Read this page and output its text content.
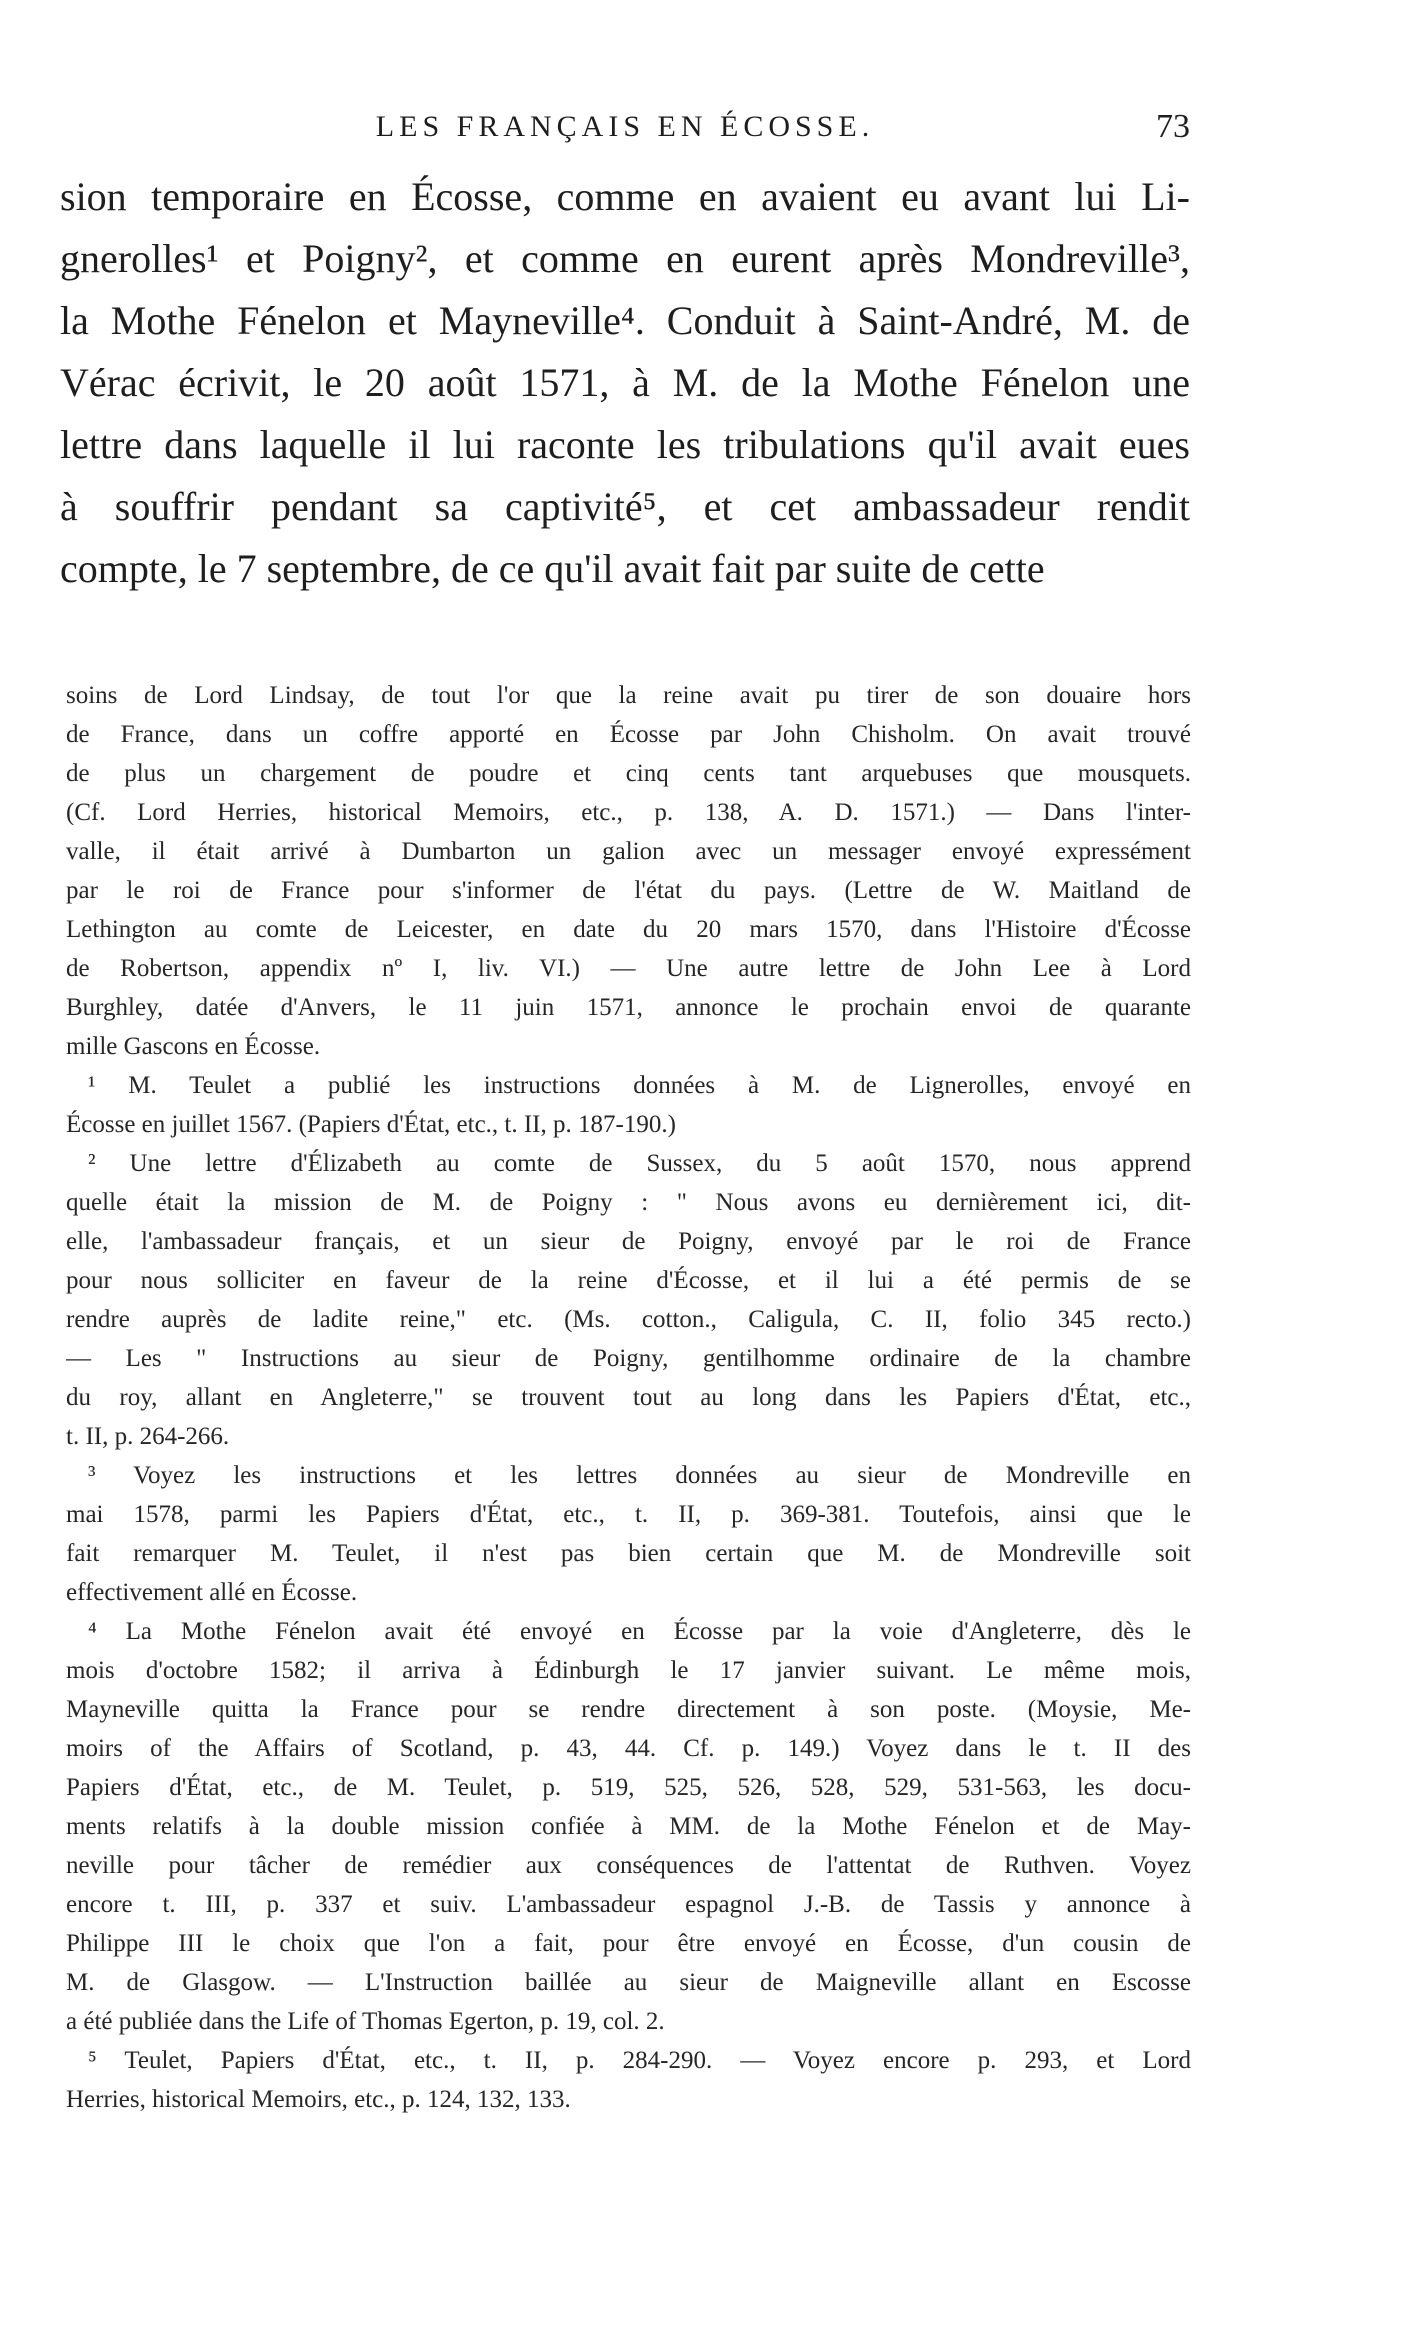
LES FRANÇAIS EN ÉCOSSE.	73
sion temporaire en Écosse, comme en avaient eu avant lui Li-
gnerolles¹ et Poigny², et comme en eurent après Mondreville³,
la Mothe Fénelon et Mayneville⁴. Conduit à Saint-André, M. de
Vérac écrivit, le 20 août 1571, à M. de la Mothe Fénelon une
lettre dans laquelle il lui raconte les tribulations qu'il avait eues
à souffrir pendant sa captivité⁵, et cet ambassadeur rendit
compte, le 7 septembre, de ce qu'il avait fait par suite de cette
soins de Lord Lindsay, de tout l'or que la reine avait pu tirer de son douaire hors
de France, dans un coffre apporté en Écosse par John Chisholm. On avait trouvé
de plus un chargement de poudre et cinq cents tant arquebuses que mousquets.
(Cf. Lord Herries, historical Memoirs, etc., p. 138, A. D. 1571.) — Dans l'inter-
valle, il était arrivé à Dumbarton un galion avec un messager envoyé expressément
par le roi de France pour s'informer de l'état du pays. (Lettre de W. Maitland de
Lethington au comte de Leicester, en date du 20 mars 1570, dans l'Histoire d'Écosse
de Robertson, appendix nº I, liv. VI.) — Une autre lettre de John Lee à Lord
Burghley, datée d'Anvers, le 11 juin 1571, annonce le prochain envoi de quarante
mille Gascons en Écosse.
¹ M. Teulet a publié les instructions données à M. de Lignerolles, envoyé en
Écosse en juillet 1567. (Papiers d'État, etc., t. II, p. 187-190.)
² Une lettre d'Élizabeth au comte de Sussex, du 5 août 1570, nous apprend
quelle était la mission de M. de Poigny : " Nous avons eu dernièrement ici, dit-
elle, l'ambassadeur français, et un sieur de Poigny, envoyé par le roi de France
pour nous solliciter en faveur de la reine d'Écosse, et il lui a été permis de se
rendre auprès de ladite reine," etc. (Ms. cotton., Caligula, C. II, folio 345 recto.)
— Les " Instructions au sieur de Poigny, gentilhomme ordinaire de la chambre
du roy, allant en Angleterre," se trouvent tout au long dans les Papiers d'État, etc.,
t. II, p. 264-266.
³ Voyez les instructions et les lettres données au sieur de Mondreville en
mai 1578, parmi les Papiers d'État, etc., t. II, p. 369-381. Toutefois, ainsi que le
fait remarquer M. Teulet, il n'est pas bien certain que M. de Mondreville soit
effectivement allé en Écosse.
⁴ La Mothe Fénelon avait été envoyé en Écosse par la voie d'Angleterre, dès le
mois d'octobre 1582; il arriva à Édinburgh le 17 janvier suivant. Le même mois,
Mayneville quitta la France pour se rendre directement à son poste. (Moysie, Me-
moirs of the Affairs of Scotland, p. 43, 44. Cf. p. 149.) Voyez dans le t. II des
Papiers d'État, etc., de M. Teulet, p. 519, 525, 526, 528, 529, 531-563, les docu-
ments relatifs à la double mission confiée à MM. de la Mothe Fénelon et de May-
neville pour tâcher de remédier aux conséquences de l'attentat de Ruthven. Voyez
encore t. III, p. 337 et suiv. L'ambassadeur espagnol J.-B. de Tassis y annonce à
Philippe III le choix que l'on a fait, pour être envoyé en Écosse, d'un cousin de
M. de Glasgow. — L'Instruction baillée au sieur de Maigneville allant en Escosse
a été publiée dans the Life of Thomas Egerton, p. 19, col. 2.
⁵ Teulet, Papiers d'État, etc., t. II, p. 284-290. — Voyez encore p. 293, et Lord
Herries, historical Memoirs, etc., p. 124, 132, 133.
